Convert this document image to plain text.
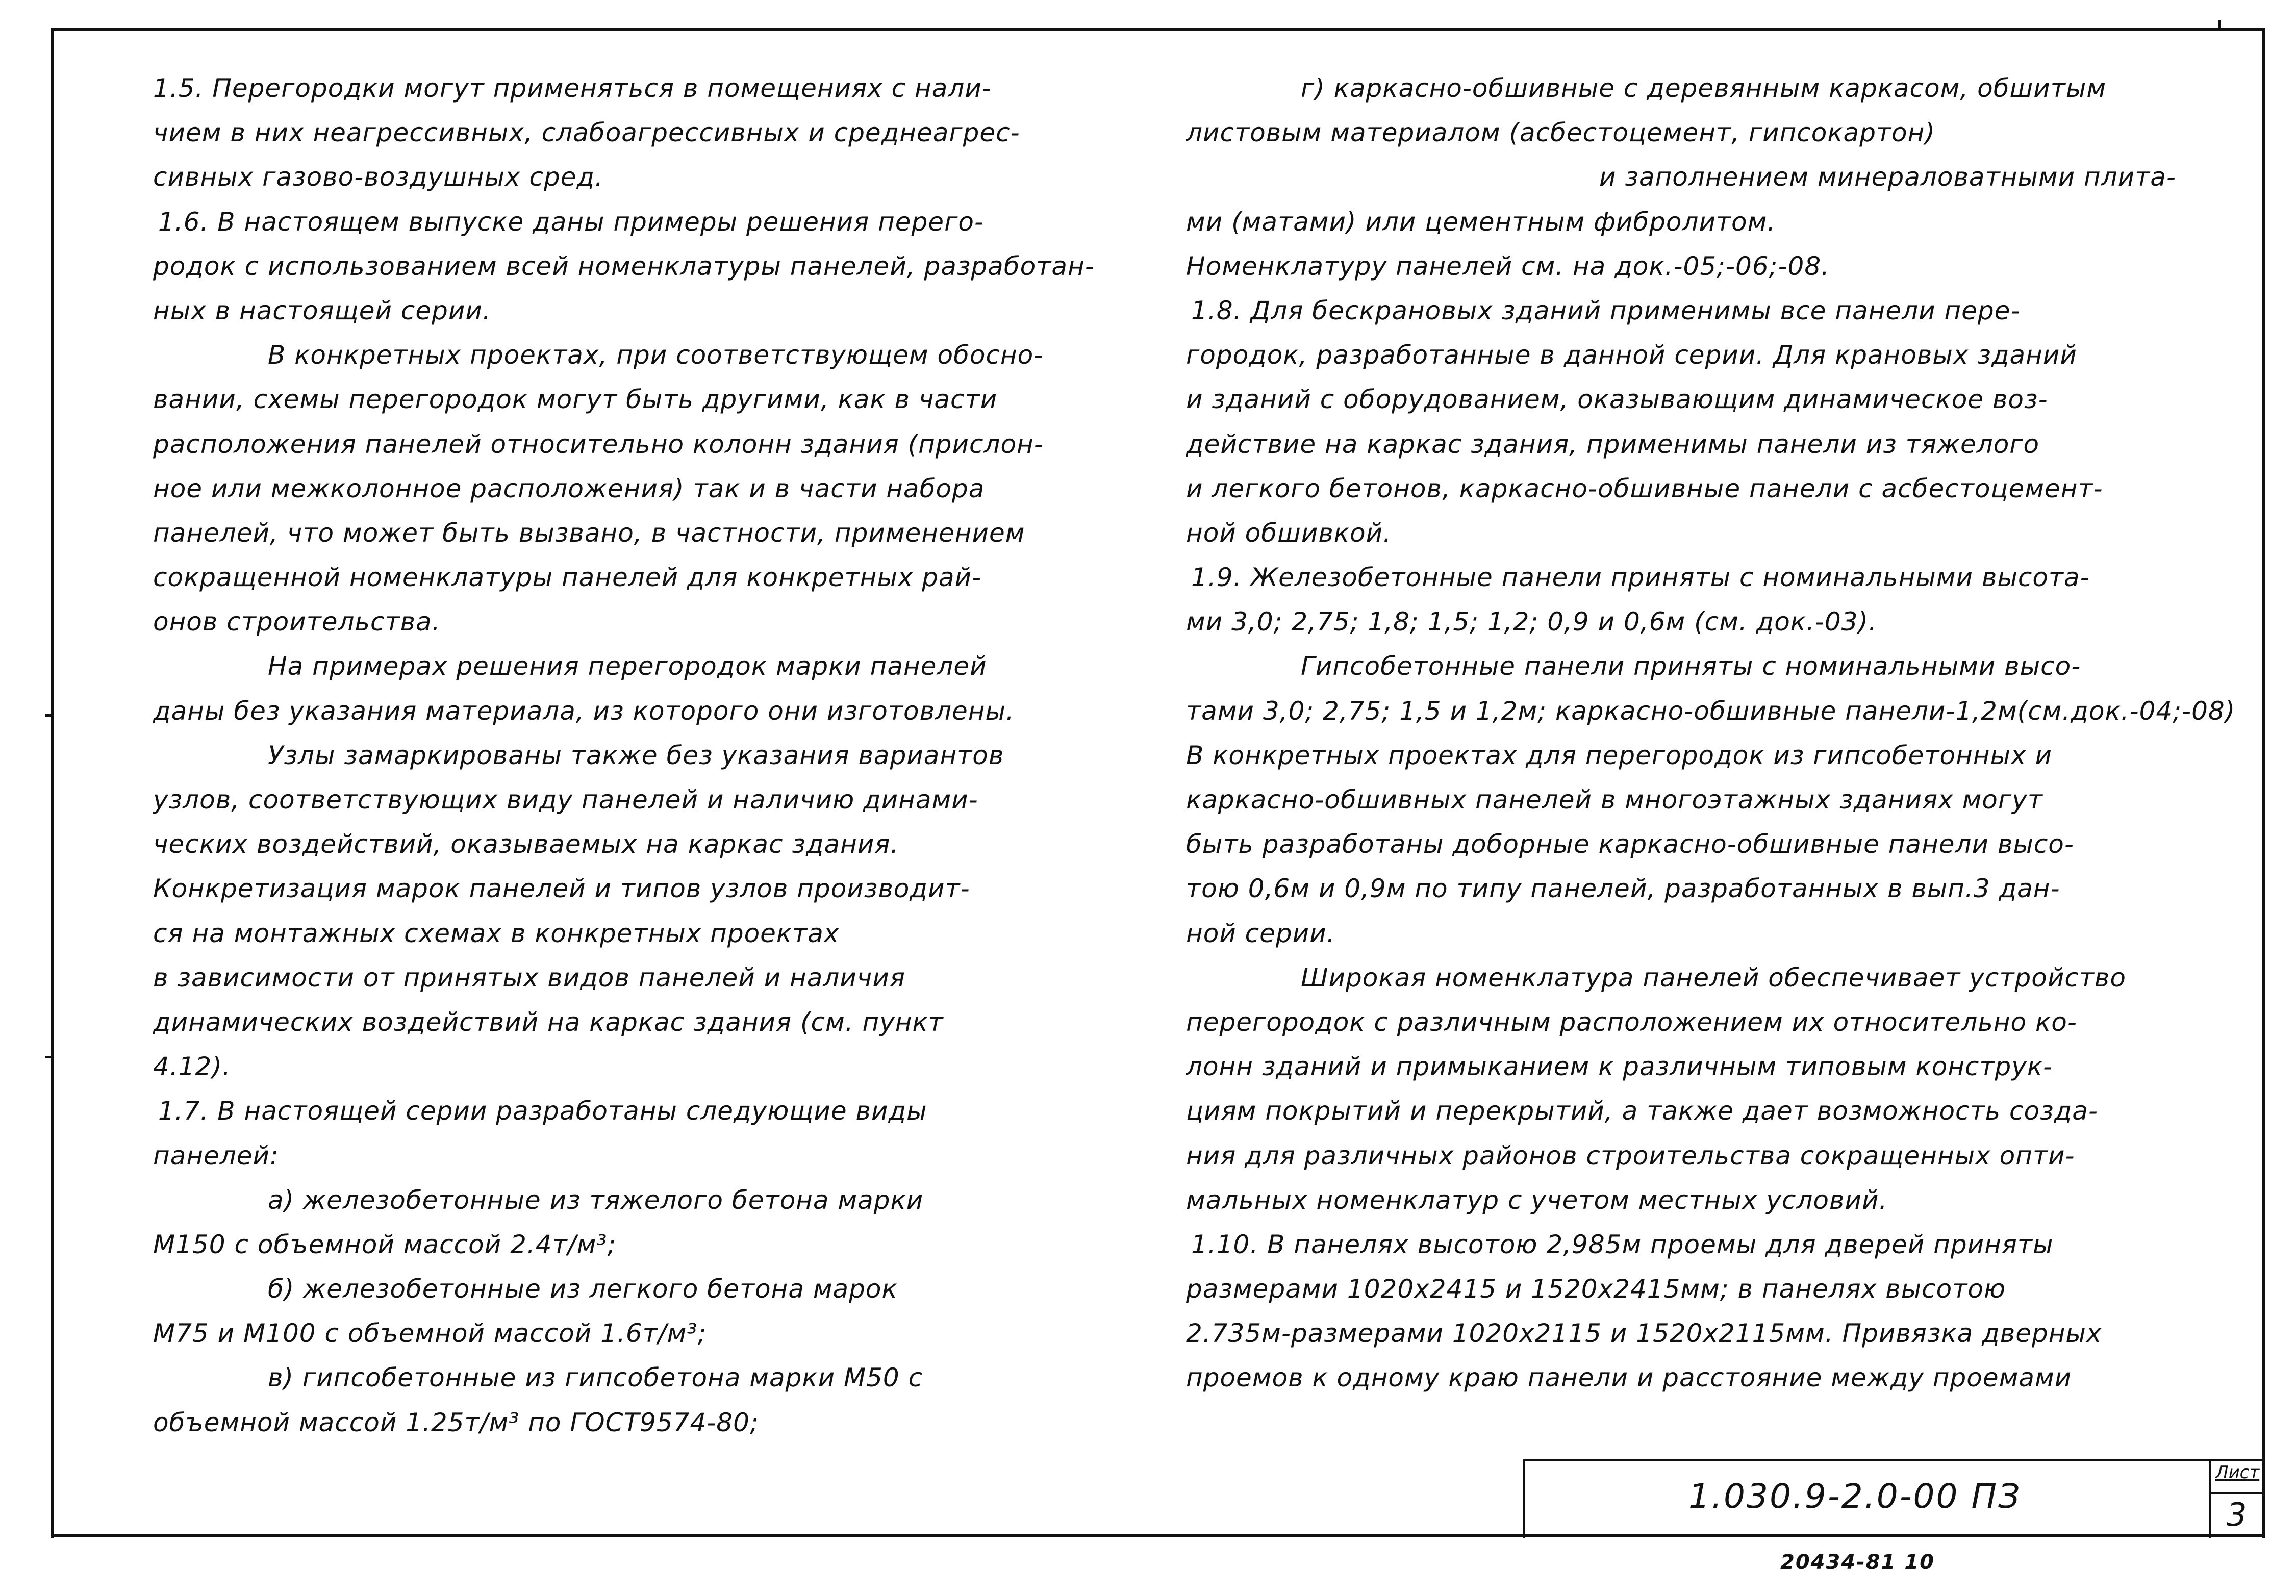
1.5. Перегородки могут применяться в помещениях с нали-
чием в них неагрессивных, слабоагрессивных и среднеагрес-
сивных газово-воздушных сред.
1.6. В настоящем выпуске даны примеры решения перего-
родок с использованием всей номенклатуры панелей, разработан-
ных в настоящей серии.
В конкретных проектах, при соответствующем обосно-
вании, схемы перегородок могут быть другими, как в части
расположения панелей относительно колонн здания (прислон-
ное или межколонное расположения) так и в части набора
панелей, что может быть вызвано, в частности, применением
сокращенной номенклатуры панелей для конкретных рай-
онов строительства.
На примерах решения перегородок марки панелей
даны без указания материала, из которого они изготовлены.
Узлы замаркированы также без указания вариантов
узлов, соответствующих виду панелей и наличию динами-
ческих воздействий, оказываемых на каркас здания.
Конкретизация марок панелей и типов узлов производит-
ся на монтажных схемах в конкретных проектах
в зависимости от принятых видов панелей и наличия
динамических воздействий на каркас здания (см. пункт
4.12).
1.7. В настоящей серии разработаны следующие виды
панелей:
а) железобетонные из тяжелого бетона марки
М150 с объемной массой 2.4т/м³;
б) железобетонные из легкого бетона марок
М75 и М100 с объемной массой 1.6т/м³;
в) гипсобетонные из гипсобетона марки М50 с
объемной массой 1.25т/м³ по ГОСТ9574-80;
г) каркасно-обшивные с деревянным каркасом, обшитым
листовым материалом (асбестоцемент, гипсокартон)
и заполнением минераловатными плита-
ми (матами) или цементным фибролитом.
Номенклатуру панелей см. на док.-05;-06;-08.
1.8. Для бескрановых зданий применимы все панели пере-
городок, разработанные в данной серии. Для крановых зданий
и зданий с оборудованием, оказывающим динамическое воз-
действие на каркас здания, применимы панели из тяжелого
и легкого бетонов, каркасно-обшивные панели с асбестоцемент-
ной обшивкой.
1.9. Железобетонные панели приняты с номинальными высота-
ми 3,0; 2,75; 1,8; 1,5; 1,2; 0,9 и 0,6м (см. док.-03).
Гипсобетонные панели приняты с номинальными высо-
тами 3,0; 2,75; 1,5 и 1,2м; каркасно-обшивные панели-1,2м(см.док.-04;-08)
В конкретных проектах для перегородок из гипсобетонных и
каркасно-обшивных панелей в многоэтажных зданиях могут
быть разработаны доборные каркасно-обшивные панели высо-
тою 0,6м и 0,9м по типу панелей, разработанных в вып.3 дан-
ной серии.
Широкая номенклатура панелей обеспечивает устройство
перегородок с различным расположением их относительно ко-
лонн зданий и примыканием к различным типовым конструк-
циям покрытий и перекрытий, а также дает возможность созда-
ния для различных районов строительства сокращенных опти-
мальных номенклатур с учетом местных условий.
1.10. В панелях высотою 2,985м проемы для дверей приняты
размерами 1020х2415 и 1520х2415мм; в панелях высотою
2.735м-размерами 1020х2115 и 1520х2115мм. Привязка дверных
проемов к одному краю панели и расстояние между проемами
1.030.9-2.0-00 ПЗ
Лист
3
20434-81 10
